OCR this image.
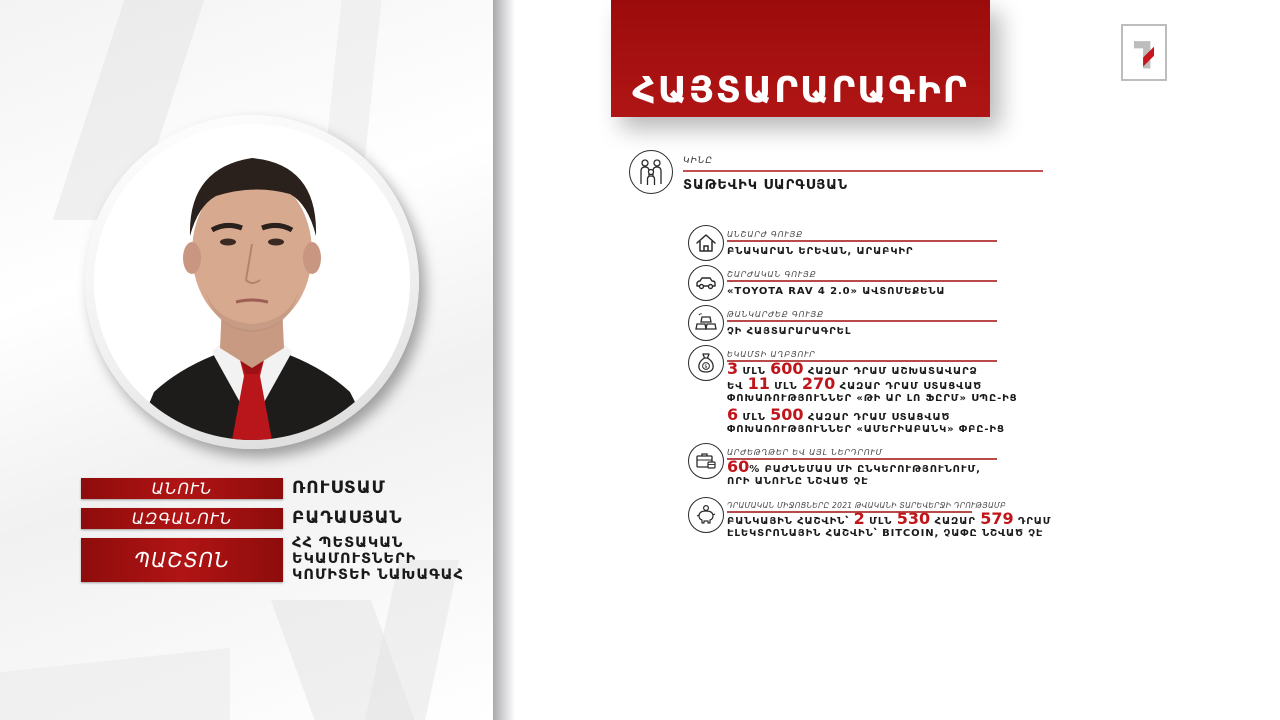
ԱՆՈՒՆ	ՌՈՒՍՏԱՄ
ԱԶԳԱՆՈՒՆ	ԲԱԴԱՍՅԱՆ
ՊԱՇՏՈՆ
ՀՀ ՊԵՏԱԿԱՆ
ԵԿԱՄՈՒՏՆԵՐԻ
ԿՈՄԻՏԵԻ ՆԱԽԱԳԱՀ
ՀԱՅՏԱՐԱՐԱԳԻՐ
ԿԻՆԸ
ՏԱԹԵՎԻԿ ՍԱՐԳՍՅԱՆ
ԱՆՇԱՐԺ ԳՈՒՅՔ
ԲՆԱԿԱՐԱՆ ԵՐԵՎԱՆ, ԱՐԱԲԿԻՐ
ՇԱՐԺԱԿԱՆ ԳՈՒՅՔ
«TOYOTA RAV 4 2.0» ԱՎՏՈՄԵՔԵՆԱ
ԹԱՆԿԱՐԺԵՔ ԳՈՒՅՔ
ՉԻ ՀԱՅՏԱՐԱՐԱԳՐԵԼ
$
ԵԿԱՄՏԻ ԱՂԲՅՈՒՐ
3 ՄԼՆ 600 ՀԱԶԱՐ ԴՐԱՄ ԱՇԽԱՏԱՎԱՐՁ
ԵՎ 11 ՄԼՆ 270 ՀԱԶԱՐ ԴՐԱՄ ՍՏԱՑՎԱԾ
ՓՈԽԱՌՈՒԹՅՈՒՆՆԵՐ «ԹԻ ԱՐ ԼՈ ՖԸՐՄ» ՍՊԸ-ԻՑ
6 ՄԼՆ 500 ՀԱԶԱՐ ԴՐԱՄ ՍՏԱՑՎԱԾ
ՓՈԽԱՌՈՒԹՅՈՒՆՆԵՐ «ԱՄԵՐԻԱԲԱՆԿ» ՓԲԸ-ԻՑ
ԱՐԺԵԹՂԹԵՐ ԵՎ ԱՅԼ ՆԵՐԴՐՈՒՄ
60% ԲԱԺՆԵՄԱՍ ՄԻ ԸՆԿԵՐՈՒԹՅՈՒՆՈՒՄ,
ՈՐԻ ԱՆՈՒՆԸ ՆՇՎԱԾ ՉԷ
ԴՐԱՄԱԿԱՆ ՄԻՋՈՑՆԵՐԸ 2021 ԹՎԱԿԱՆԻ ՏԱՐԵՎԵՐՋԻ ԴՐՈՒԹՅԱՄԲ
ԲԱՆԿԱՅԻՆ ՀԱՇՎԻՆ՝ 2 ՄԼՆ 530 ՀԱԶԱՐ 579 ԴՐԱՄ
ԷԼԵԿՏՐՈՆԱՅԻՆ ՀԱՇՎԻՆ՝ BITCOIN, ՉԱՓԸ ՆՇՎԱԾ ՉԷ
